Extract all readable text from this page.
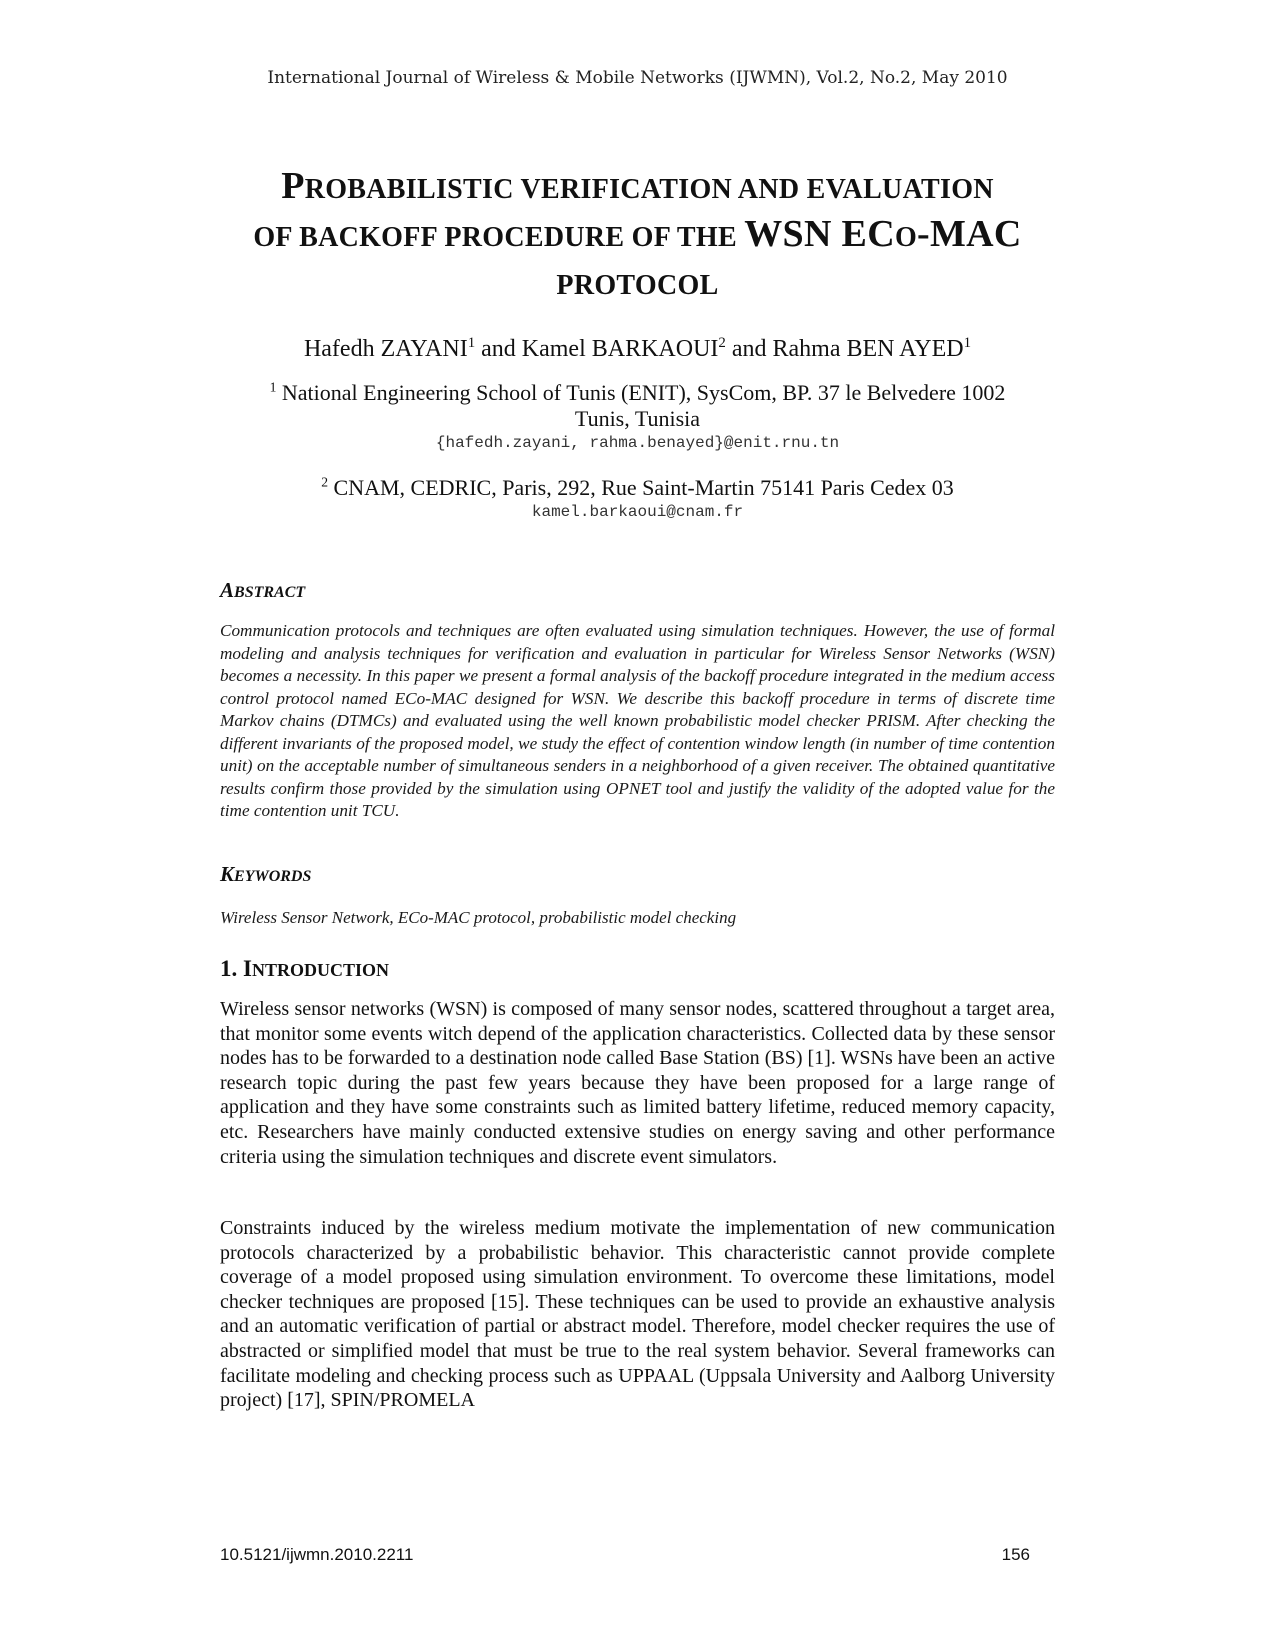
International Journal of Wireless & Mobile Networks (IJWMN), Vol.2, No.2, May 2010
PROBABILISTIC VERIFICATION AND EVALUATION
OF BACKOFF PROCEDURE OF THE WSN ECO-MAC
PROTOCOL
Hafedh ZAYANI$^1$ and Kamel BARKAOUI$^2$ and Rahma BEN AYED$^1$
$^1$ National Engineering School of Tunis (ENIT), SysCom, BP. 37 le Belvedere 1002
Tunis, Tunisia
{hafedh.zayani, rahma.benayed}@enit.rnu.tn
$^2$ CNAM, CEDRIC, Paris, 292, Rue Saint-Martin 75141 Paris Cedex 03
kamel.barkaoui@cnam.fr
ABSTRACT

Communication protocols and techniques are often evaluated using simulation techniques. However, the use of formal modeling and analysis techniques for verification and evaluation in particular for Wireless Sensor Networks (WSN) becomes a necessity. In this paper we present a formal analysis of the backoff procedure integrated in the medium access control protocol named ECo-MAC designed for WSN. We describe this backoff procedure in terms of discrete time Markov chains (DTMCs) and evaluated using the well known probabilistic model checker PRISM. After checking the different invariants of the proposed model, we study the effect of contention window length (in number of time contention unit) on the acceptable number of simultaneous senders in a neighborhood of a given receiver. The obtained quantitative results confirm those provided by the simulation using OPNET tool and justify the validity of the adopted value for the time contention unit TCU.

KEYWORDS

Wireless Sensor Network, ECo-MAC protocol, probabilistic model checking

1. INTRODUCTION

Wireless sensor networks (WSN) is composed of many sensor nodes, scattered throughout a target area, that monitor some events witch depend of the application characteristics. Collected data by these sensor nodes has to be forwarded to a destination node called Base Station (BS) [1]. WSNs have been an active research topic during the past few years because they have been proposed for a large range of application and they have some constraints such as limited battery lifetime, reduced memory capacity, etc. Researchers have mainly conducted extensive studies on energy saving and other performance criteria using the simulation techniques and discrete event simulators.

Constraints induced by the wireless medium motivate the implementation of new communication protocols characterized by a probabilistic behavior. This characteristic cannot provide complete coverage of a model proposed using simulation environment. To overcome these limitations, model checker techniques are proposed [15]. These techniques can be used to provide an exhaustive analysis and an automatic verification of partial or abstract model. Therefore, model checker requires the use of abstracted or simplified model that must be true to the real system behavior. Several frameworks can facilitate modeling and checking process such as UPPAAL (Uppsala University and Aalborg University project) [17], SPIN/PROMELA

10.5121/ijwmn.2010.2211	156
